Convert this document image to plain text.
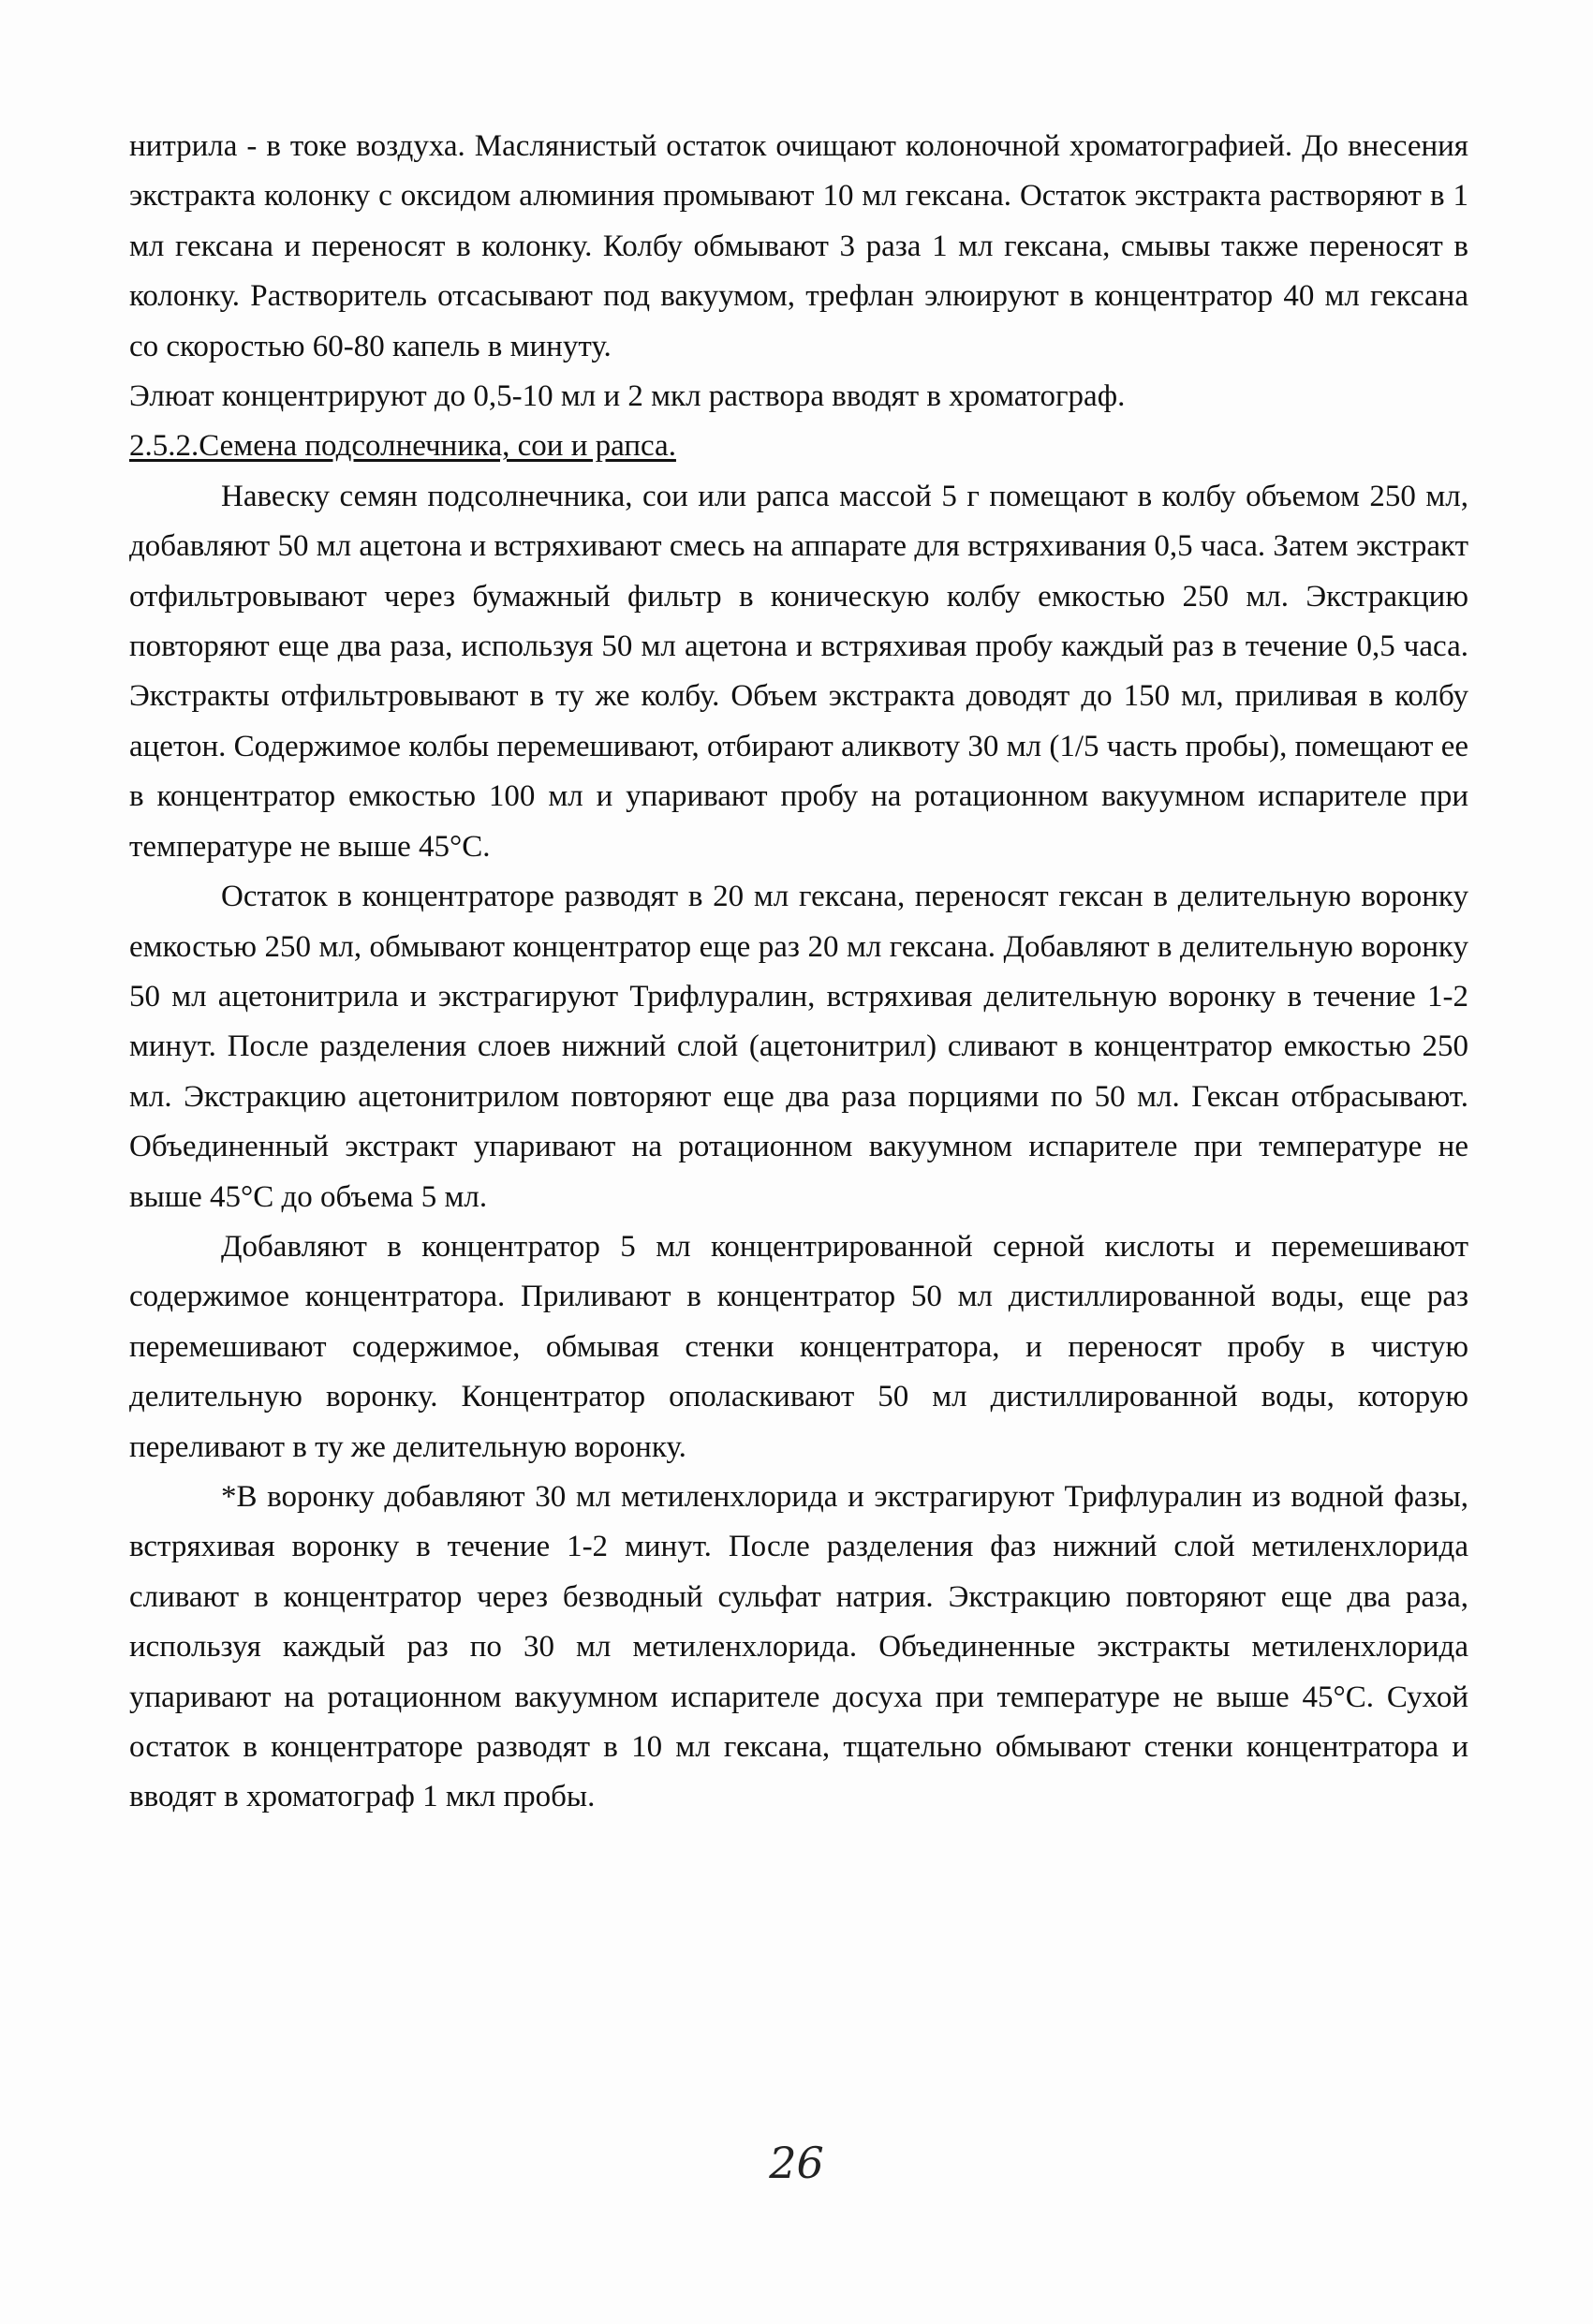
нитрила - в токе воздуха. Маслянистый остаток очищают колоночной хроматографией. До внесения экстракта колонку с оксидом алюминия промывают 10 мл гексана. Остаток экстракта растворяют в 1 мл гексана и переносят в колонку. Колбу обмывают 3 раза 1 мл гексана, смывы также переносят в колонку. Растворитель отсасывают под вакуумом, трефлан элюируют в концентратор 40 мл гексана со скоростью 60-80 капель в минуту.

Элюат концентрируют до 0,5-10 мл и 2 мкл раствора вводят в хроматограф.

2.5.2.Семена подсолнечника, сои и рапса.

Навеску семян подсолнечника, сои или рапса массой 5 г помещают в колбу объемом 250 мл, добавляют 50 мл ацетона и встряхивают смесь на аппарате для встряхивания 0,5 часа. Затем экстракт отфильтровывают через бумажный фильтр в коническую колбу емкостью 250 мл. Экстракцию повторяют еще два раза, используя 50 мл ацетона и встряхивая пробу каждый раз в течение 0,5 часа. Экстракты отфильтровывают в ту же колбу. Объем экстракта доводят до 150 мл, приливая в колбу ацетон. Содержимое колбы перемешивают, отбирают аликвоту 30 мл (1/5 часть пробы), помещают ее в концентратор емкостью 100 мл и упаривают пробу на ротационном вакуумном испарителе при температуре не выше 45°С.

Остаток в концентраторе разводят в 20 мл гексана, переносят гексан в делительную воронку емкостью 250 мл, обмывают концентратор еще раз 20 мл гексана. Добавляют в делительную воронку 50 мл ацетонитрила и экстрагируют Трифлуралин, встряхивая делительную воронку в течение 1-2 минут. После разделения слоев нижний слой (ацетонитрил) сливают в концентратор емкостью 250 мл. Экстракцию ацетонитрилом повторяют еще два раза порциями по 50 мл. Гексан отбрасывают. Объединенный экстракт упаривают на ротационном вакуумном испарителе при температуре не выше 45°С до объема 5 мл.

Добавляют в концентратор 5 мл концентрированной серной кислоты и перемешивают содержимое концентратора. Приливают в концентратор 50 мл дистиллированной воды, еще раз перемешивают содержимое, обмывая стенки концентратора, и переносят пробу в чистую делительную воронку. Концентратор ополаскивают 50 мл дистиллированной воды, которую переливают в ту же делительную воронку.

*В воронку добавляют 30 мл метиленхлорида и экстрагируют Трифлуралин из водной фазы, встряхивая воронку в течение 1-2 минут. После разделения фаз нижний слой метиленхлорида сливают в концентратор через безводный сульфат натрия. Экстракцию повторяют еще два раза, используя каждый раз по 30 мл метиленхлорида. Объединенные экстракты метиленхлорида упаривают на ротационном вакуумном испарителе досуха при температуре не выше 45°С. Сухой остаток в концентраторе разводят в 10 мл гексана, тщательно обмывают стенки концентратора и вводят в хроматограф 1 мкл пробы.

26
